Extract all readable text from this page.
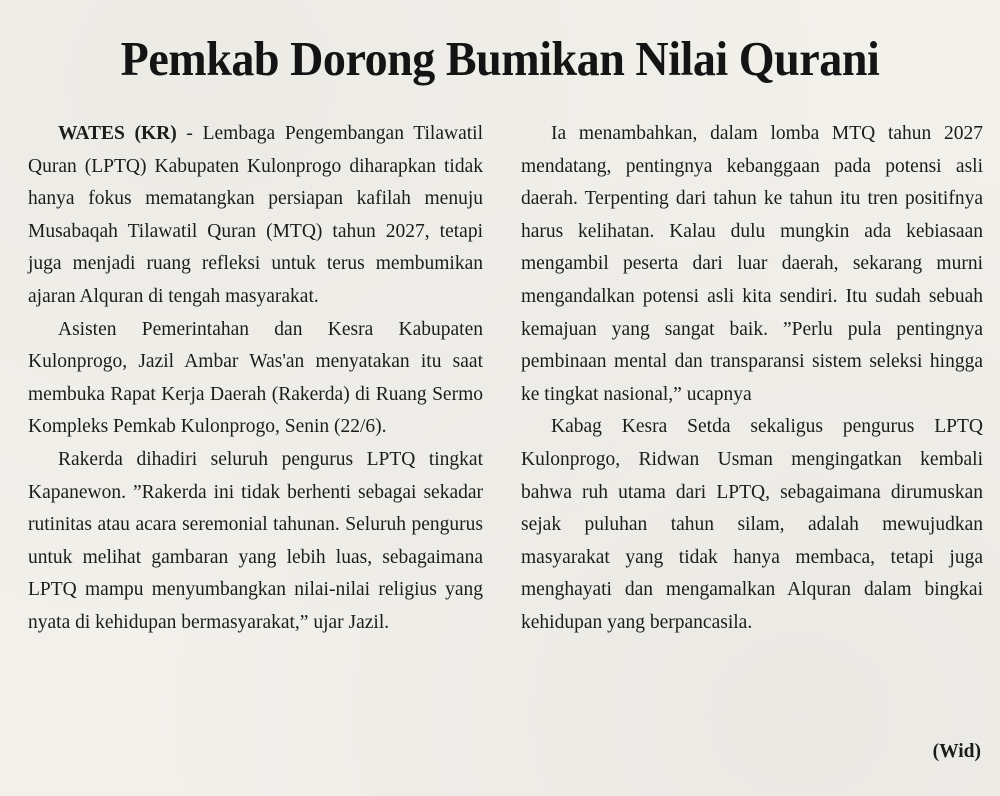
Pemkab Dorong Bumikan Nilai Qurani

WATES (KR) - Lembaga Pengembangan Tilawatil Quran (LPTQ) Kabupaten Kulonprogo diharapkan tidak hanya fokus mematangkan persiapan kafilah menuju Musabaqah Tilawatil Quran (MTQ) tahun 2027, tetapi juga menjadi ruang refleksi untuk terus membumikan ajaran Alquran di tengah masyarakat.

Asisten Pemerintahan dan Kesra Kabupaten Kulonprogo, Jazil Ambar Was'an menyatakan itu saat membuka Rapat Kerja Daerah (Rakerda) di Ruang Sermo Kompleks Pemkab Kulonprogo, Senin (22/6).

Rakerda dihadiri seluruh pengurus LPTQ tingkat Kapanewon. ”Rakerda ini tidak berhenti sebagai sekadar rutinitas atau acara seremonial tahunan. Seluruh pengurus untuk melihat gambaran yang lebih luas, sebagaimana LPTQ mampu menyumbangkan nilai-nilai religius yang nyata di kehidupan bermasyarakat,” ujar Jazil.

Ia menambahkan, dalam lomba MTQ tahun 2027 mendatang, pentingnya kebanggaan pada potensi asli daerah. Terpenting dari tahun ke tahun itu tren positifnya harus kelihatan. Kalau dulu mungkin ada kebiasaan mengambil peserta dari luar daerah, sekarang murni mengandalkan potensi asli kita sendiri. Itu sudah sebuah kemajuan yang sangat baik. ”Perlu pula pentingnya pembinaan mental dan transparansi sistem seleksi hingga ke tingkat nasional,” ucapnya

Kabag Kesra Setda sekaligus pengurus LPTQ Kulonprogo, Ridwan Usman mengingatkan kembali bahwa ruh utama dari LPTQ, sebagaimana dirumuskan sejak puluhan tahun silam, adalah mewujudkan masyarakat yang tidak hanya membaca, tetapi juga menghayati dan mengamalkan Alquran dalam bingkai kehidupan yang berpancasila.

(Wid)
